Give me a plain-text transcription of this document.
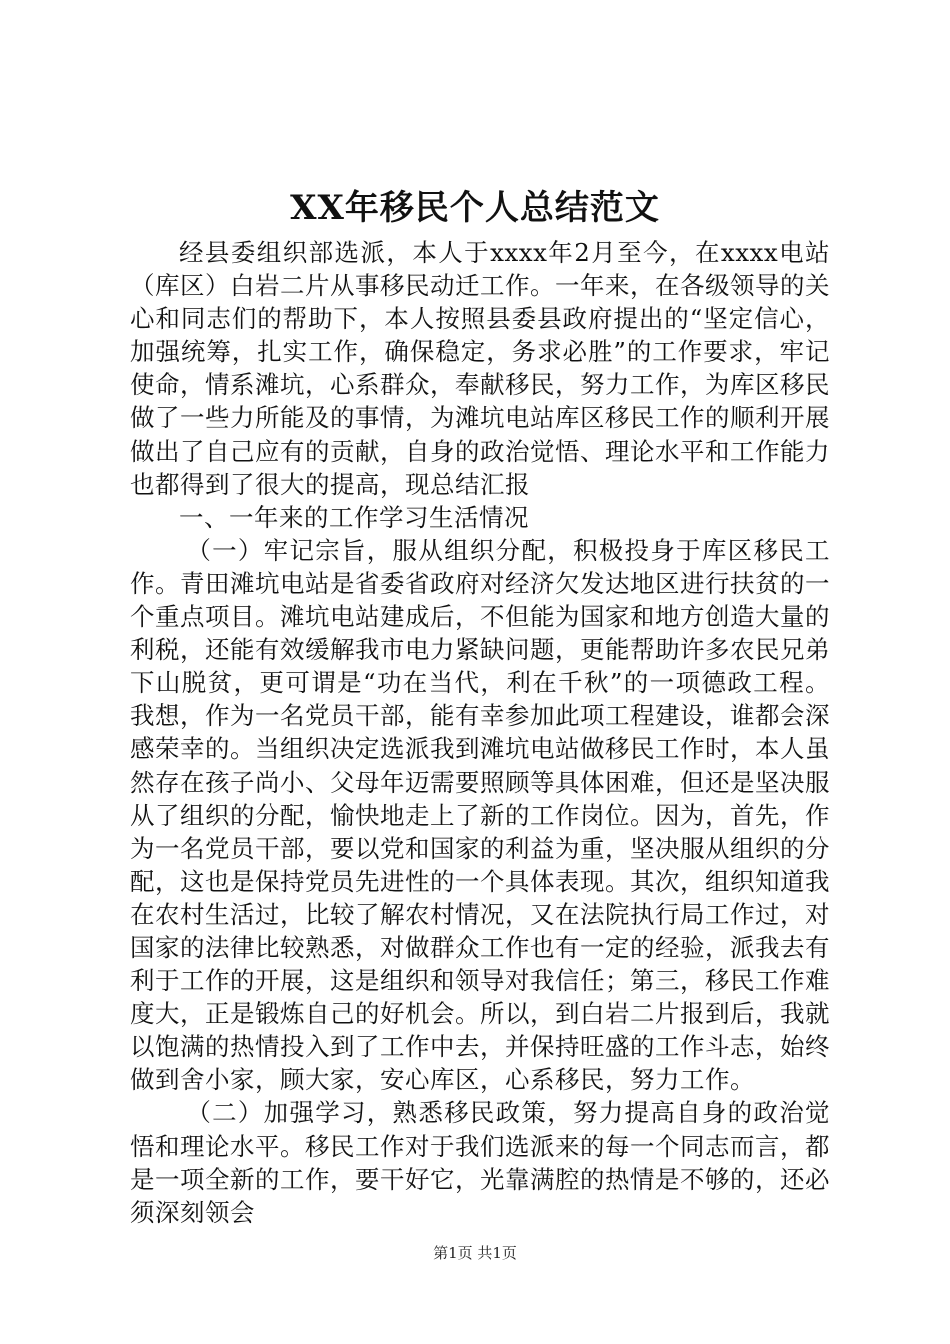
XX年移民个人总结范文

经县委组织部选派，本人于xxxx年2月至今，在xxxx电站（库区）白岩二片从事移民动迁工作。一年来，在各级领导的关心和同志们的帮助下，本人按照县委县政府提出的“坚定信心，加强统筹，扎实工作，确保稳定，务求必胜”的工作要求，牢记使命，情系滩坑，心系群众，奉献移民，努力工作，为库区移民做了一些力所能及的事情，为滩坑电站库区移民工作的顺利开展做出了自己应有的贡献，自身的政治觉悟、理论水平和工作能力也都得到了很大的提高，现总结汇报

一、一年来的工作学习生活情况

（一）牢记宗旨，服从组织分配，积极投身于库区移民工作。青田滩坑电站是省委省政府对经济欠发达地区进行扶贫的一个重点项目。滩坑电站建成后，不但能为国家和地方创造大量的利税，还能有效缓解我市电力紧缺问题，更能帮助许多农民兄弟下山脱贫，更可谓是“功在当代，利在千秋”的一项德政工程。我想，作为一名党员干部，能有幸参加此项工程建设，谁都会深感荣幸的。当组织决定选派我到滩坑电站做移民工作时，本人虽然存在孩子尚小、父母年迈需要照顾等具体困难，但还是坚决服从了组织的分配，愉快地走上了新的工作岗位。因为，首先，作为一名党员干部，要以党和国家的利益为重，坚决服从组织的分配，这也是保持党员先进性的一个具体表现。其次，组织知道我在农村生活过，比较了解农村情况，又在法院执行局工作过，对国家的法律比较熟悉，对做群众工作也有一定的经验，派我去有利于工作的开展，这是组织和领导对我信任；第三，移民工作难度大，正是锻炼自己的好机会。所以，到白岩二片报到后，我就以饱满的热情投入到了工作中去，并保持旺盛的工作斗志，始终做到舍小家，顾大家，安心库区，心系移民，努力工作。

（二）加强学习，熟悉移民政策，努力提高自身的政治觉悟和理论水平。移民工作对于我们选派来的每一个同志而言，都是一项全新的工作，要干好它，光靠满腔的热情是不够的，还必须深刻领会

第1页 共1页
